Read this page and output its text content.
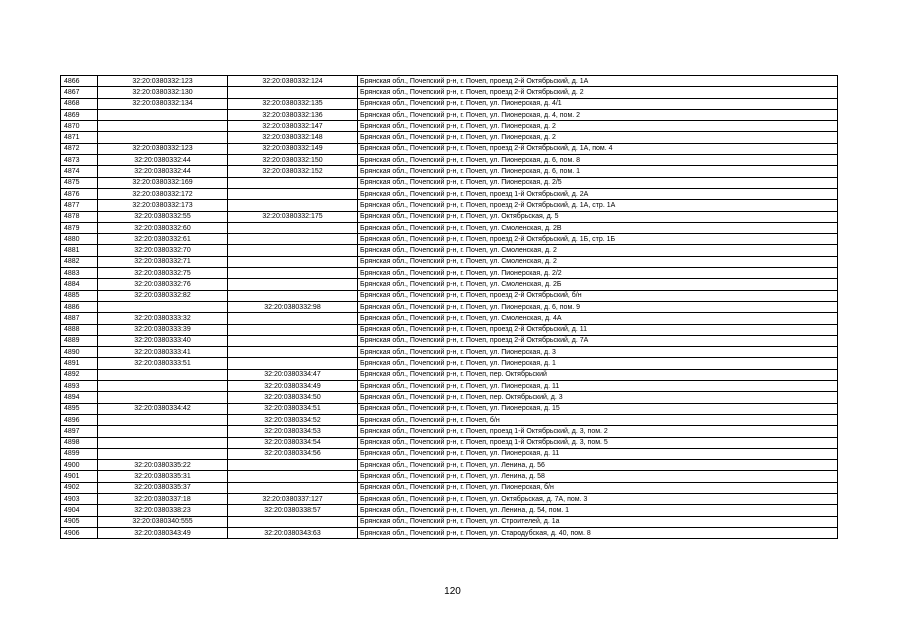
4866	32:20:0380332:123	32:20:0380332:124	Брянская обл., Почепский р-н, г. Почеп, проезд 2-й Октябрьский, д. 1А
4867	32:20:0380332:130		Брянская обл., Почепский р-н, г. Почеп, проезд 2-й Октябрьский, д. 2
4868	32:20:0380332:134	32:20:0380332:135	Брянская обл., Почепский р-н, г. Почеп, ул. Пионерская, д. 4/1
4869		32:20:0380332:136	Брянская обл., Почепский р-н, г. Почеп, ул. Пионерская, д. 4, пом. 2
4870		32:20:0380332:147	Брянская обл., Почепский р-н, г. Почеп, ул. Пионерская, д. 2
4871		32:20:0380332:148	Брянская обл., Почепский р-н, г. Почеп, ул. Пионерская, д. 2
4872	32:20:0380332:123	32:20:0380332:149	Брянская обл., Почепский р-н, г. Почеп, проезд 2-й Октябрьский, д. 1А, пом. 4
4873	32:20:0380332:44	32:20:0380332:150	Брянская обл., Почепский р-н, г. Почеп, ул. Пионерская, д. 6, пом. 8
4874	32:20:0380332:44	32:20:0380332:152	Брянская обл., Почепский р-н, г. Почеп, ул. Пионерская, д. 6, пом. 1
4875	32:20:0380332:169		Брянская обл., Почепский р-н, г. Почеп, ул. Пионерская, д. 2/5
4876	32:20:0380332:172		Брянская обл., Почепский р-н, г. Почеп, проезд 1-й Октябрьский, д. 2А
4877	32:20:0380332:173		Брянская обл., Почепский р-н, г. Почеп, проезд 2-й Октябрьский, д. 1А, стр. 1А
4878	32:20:0380332:55	32:20:0380332:175	Брянская обл., Почепский р-н, г. Почеп, ул. Октябрьская, д. 5
4879	32:20:0380332:60		Брянская обл., Почепский р-н, г. Почеп, ул. Смоленская, д. 2В
4880	32:20:0380332:61		Брянская обл., Почепский р-н, г. Почеп, проезд 2-й Октябрьский, д. 1Б, стр. 1Б
4881	32:20:0380332:70		Брянская обл., Почепский р-н, г. Почеп, ул. Смоленская, д. 2
4882	32:20:0380332:71		Брянская обл., Почепский р-н, г. Почеп, ул. Смоленская, д. 2
4883	32:20:0380332:75		Брянская обл., Почепский р-н, г. Почеп, ул. Пионерская, д. 2/2
4884	32:20:0380332:76		Брянская обл., Почепский р-н, г. Почеп, ул. Смоленская, д. 2Б
4885	32:20:0380332:82		Брянская обл., Почепский р-н, г. Почеп, проезд 2-й Октябрьский, б/н
4886		32:20:0380332:98	Брянская обл., Почепский р-н, г. Почеп, ул. Пионерская, д. 6, пом. 9
4887	32:20:0380333:32		Брянская обл., Почепский р-н, г. Почеп, ул. Смоленская, д. 4А
4888	32:20:0380333:39		Брянская обл., Почепский р-н, г. Почеп, проезд 2-й Октябрьский, д. 11
4889	32:20:0380333:40		Брянская обл., Почепский р-н, г. Почеп, проезд 2-й Октябрьский, д. 7А
4890	32:20:0380333:41		Брянская обл., Почепский р-н, г. Почеп, ул. Пионерская, д. 3
4891	32:20:0380333:51		Брянская обл., Почепский р-н, г. Почеп, ул. Пионерская, д. 1
4892		32:20:0380334:47	Брянская обл., Почепский р-н, г. Почеп, пер. Октябрьский
4893		32:20:0380334:49	Брянская обл., Почепский р-н, г. Почеп, ул. Пионерская, д. 11
4894		32:20:0380334:50	Брянская обл., Почепский р-н, г. Почеп, пер. Октябрьский, д. 3
4895	32:20:0380334:42	32:20:0380334:51	Брянская обл., Почепский р-н, г. Почеп, ул. Пионерская, д. 15
4896		32:20:0380334:52	Брянская обл., Почепский р-н, г. Почеп, б/н
4897		32:20:0380334:53	Брянская обл., Почепский р-н, г. Почеп, проезд 1-й Октябрьский, д. 3, пом. 2
4898		32:20:0380334:54	Брянская обл., Почепский р-н, г. Почеп, проезд 1-й Октябрьский, д. 3, пом. 5
4899		32:20:0380334:56	Брянская обл., Почепский р-н, г. Почеп, ул. Пионерская, д. 11
4900	32:20:0380335:22		Брянская обл., Почепский р-н, г. Почеп, ул. Ленина, д. 56
4901	32:20:0380335:31		Брянская обл., Почепский р-н, г. Почеп, ул. Ленина, д. 58
4902	32:20:0380335:37		Брянская обл., Почепский р-н, г. Почеп, ул. Пионерская, б/н
4903	32:20:0380337:18	32:20:0380337:127	Брянская обл., Почепский р-н, г. Почеп, ул. Октябрьская, д. 7А, пом. 3
4904	32:20:0380338:23	32:20:0380338:57	Брянская обл., Почепский р-н, г. Почеп, ул. Ленина, д. 54, пом. 1
4905	32:20:0380340:555		Брянская обл., Почепский р-н, г. Почеп, ул. Строителей, д. 1а
4906	32:20:0380343:49	32:20:0380343:63	Брянская обл., Почепский р-н, г. Почеп, ул. Стародубская, д. 40, пом. 8
120
